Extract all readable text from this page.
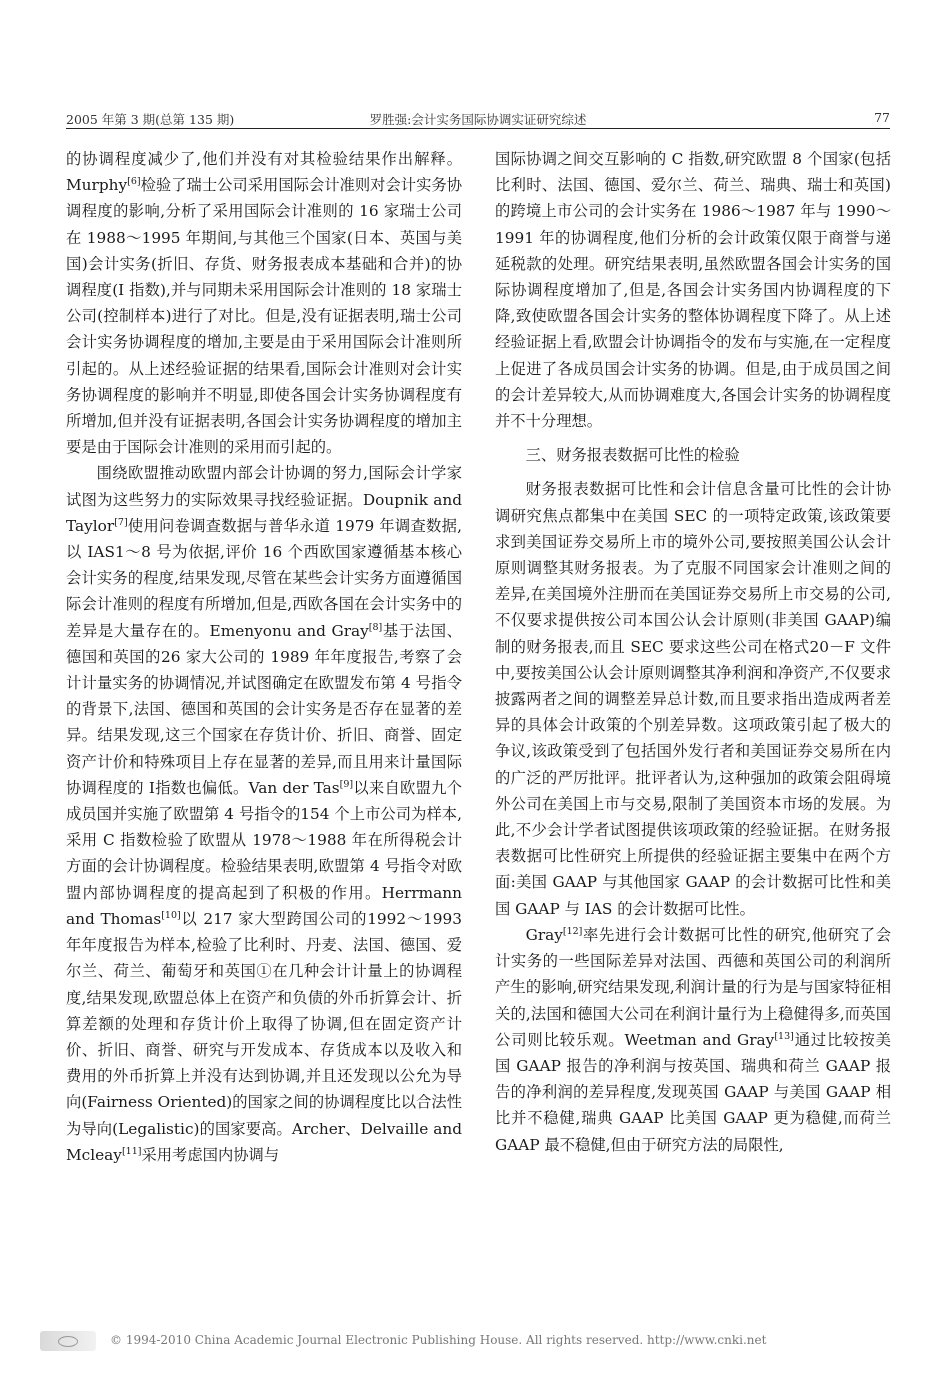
2005 年第 3 期(总第 135 期)	罗胜强:会计实务国际协调实证研究综述	77

的协调程度减少了,他们并没有对其检验结果作出解释。Murphy[6]检验了瑞士公司采用国际会计准则对会计实务协调程度的影响,分析了采用国际会计准则的 16 家瑞士公司在 1988～1995 年期间,与其他三个国家(日本、英国与美国)会计实务(折旧、存货、财务报表成本基础和合并)的协调程度(I 指数),并与同期未采用国际会计准则的 18 家瑞士公司(控制样本)进行了对比。但是,没有证据表明,瑞士公司会计实务协调程度的增加,主要是由于采用国际会计准则所引起的。从上述经验证据的结果看,国际会计准则对会计实务协调程度的影响并不明显,即使各国会计实务协调程度有所增加,但并没有证据表明,各国会计实务协调程度的增加主要是由于国际会计准则的采用而引起的。

围绕欧盟推动欧盟内部会计协调的努力,国际会计学家试图为这些努力的实际效果寻找经验证据。Doupnik and Taylor[7]使用问卷调查数据与普华永道 1979 年调查数据,以 IAS1～8 号为依据,评价 16 个西欧国家遵循基本核心会计实务的程度,结果发现,尽管在某些会计实务方面遵循国际会计准则的程度有所增加,但是,西欧各国在会计实务中的差异是大量存在的。Emenyonu and Gray[8]基于法国、德国和英国的26 家大公司的 1989 年年度报告,考察了会计计量实务的协调情况,并试图确定在欧盟发布第 4 号指令的背景下,法国、德国和英国的会计实务是否存在显著的差异。结果发现,这三个国家在存货计价、折旧、商誉、固定资产计价和特殊项目上存在显著的差异,而且用来计量国际协调程度的 I指数也偏低。Van der Tas[9]以来自欧盟九个成员国并实施了欧盟第 4 号指令的154 个上市公司为样本,采用 C 指数检验了欧盟从 1978～1988 年在所得税会计方面的会计协调程度。检验结果表明,欧盟第 4 号指令对欧盟内部协调程度的提高起到了积极的作用。Herrmann and Thomas[10]以 217 家大型跨国公司的1992～1993 年年度报告为样本,检验了比利时、丹麦、法国、德国、爱尔兰、荷兰、葡萄牙和英国①在几种会计计量上的协调程度,结果发现,欧盟总体上在资产和负债的外币折算会计、折算差额的处理和存货计价上取得了协调,但在固定资产计价、折旧、商誉、研究与开发成本、存货成本以及收入和费用的外币折算上并没有达到协调,并且还发现以公允为导向(Fairness Oriented)的国家之间的协调程度比以合法性为导向(Legalistic)的国家要高。Archer、Delvaille and Mcleay[11]采用考虑国内协调与

国际协调之间交互影响的 C 指数,研究欧盟 8 个国家(包括比利时、法国、德国、爱尔兰、荷兰、瑞典、瑞士和英国)的跨境上市公司的会计实务在 1986～1987 年与 1990～1991 年的协调程度,他们分析的会计政策仅限于商誉与递延税款的处理。研究结果表明,虽然欧盟各国会计实务的国际协调程度增加了,但是,各国会计实务国内协调程度的下降,致使欧盟各国会计实务的整体协调程度下降了。从上述经验证据上看,欧盟会计协调指令的发布与实施,在一定程度上促进了各成员国会计实务的协调。但是,由于成员国之间的会计差异较大,从而协调难度大,各国会计实务的协调程度并不十分理想。

三、财务报表数据可比性的检验

财务报表数据可比性和会计信息含量可比性的会计协调研究焦点都集中在美国 SEC 的一项特定政策,该政策要求到美国证券交易所上市的境外公司,要按照美国公认会计原则调整其财务报表。为了克服不同国家会计准则之间的差异,在美国境外注册而在美国证券交易所上市交易的公司,不仅要求提供按公司本国公认会计原则(非美国 GAAP)编制的财务报表,而且 SEC 要求这些公司在格式20－F 文件中,要按美国公认会计原则调整其净利润和净资产,不仅要求披露两者之间的调整差异总计数,而且要求指出造成两者差异的具体会计政策的个别差异数。这项政策引起了极大的争议,该政策受到了包括国外发行者和美国证券交易所在内的广泛的严厉批评。批评者认为,这种强加的政策会阻碍境外公司在美国上市与交易,限制了美国资本市场的发展。为此,不少会计学者试图提供该项政策的经验证据。在财务报表数据可比性研究上所提供的经验证据主要集中在两个方面:美国 GAAP 与其他国家 GAAP 的会计数据可比性和美国 GAAP 与 IAS 的会计数据可比性。

Gray[12]率先进行会计数据可比性的研究,他研究了会计实务的一些国际差异对法国、西德和英国公司的利润所产生的影响,研究结果发现,利润计量的行为是与国家特征相关的,法国和德国大公司在利润计量行为上稳健得多,而英国公司则比较乐观。Weetman and Gray[13]通过比较按美国 GAAP 报告的净利润与按英国、瑞典和荷兰 GAAP 报告的净利润的差异程度,发现英国 GAAP 与美国 GAAP 相比并不稳健,瑞典 GAAP 比美国 GAAP 更为稳健,而荷兰 GAAP 最不稳健,但由于研究方法的局限性,

© 1994-2010 China Academic Journal Electronic Publishing House. All rights reserved. http://www.cnki.net
